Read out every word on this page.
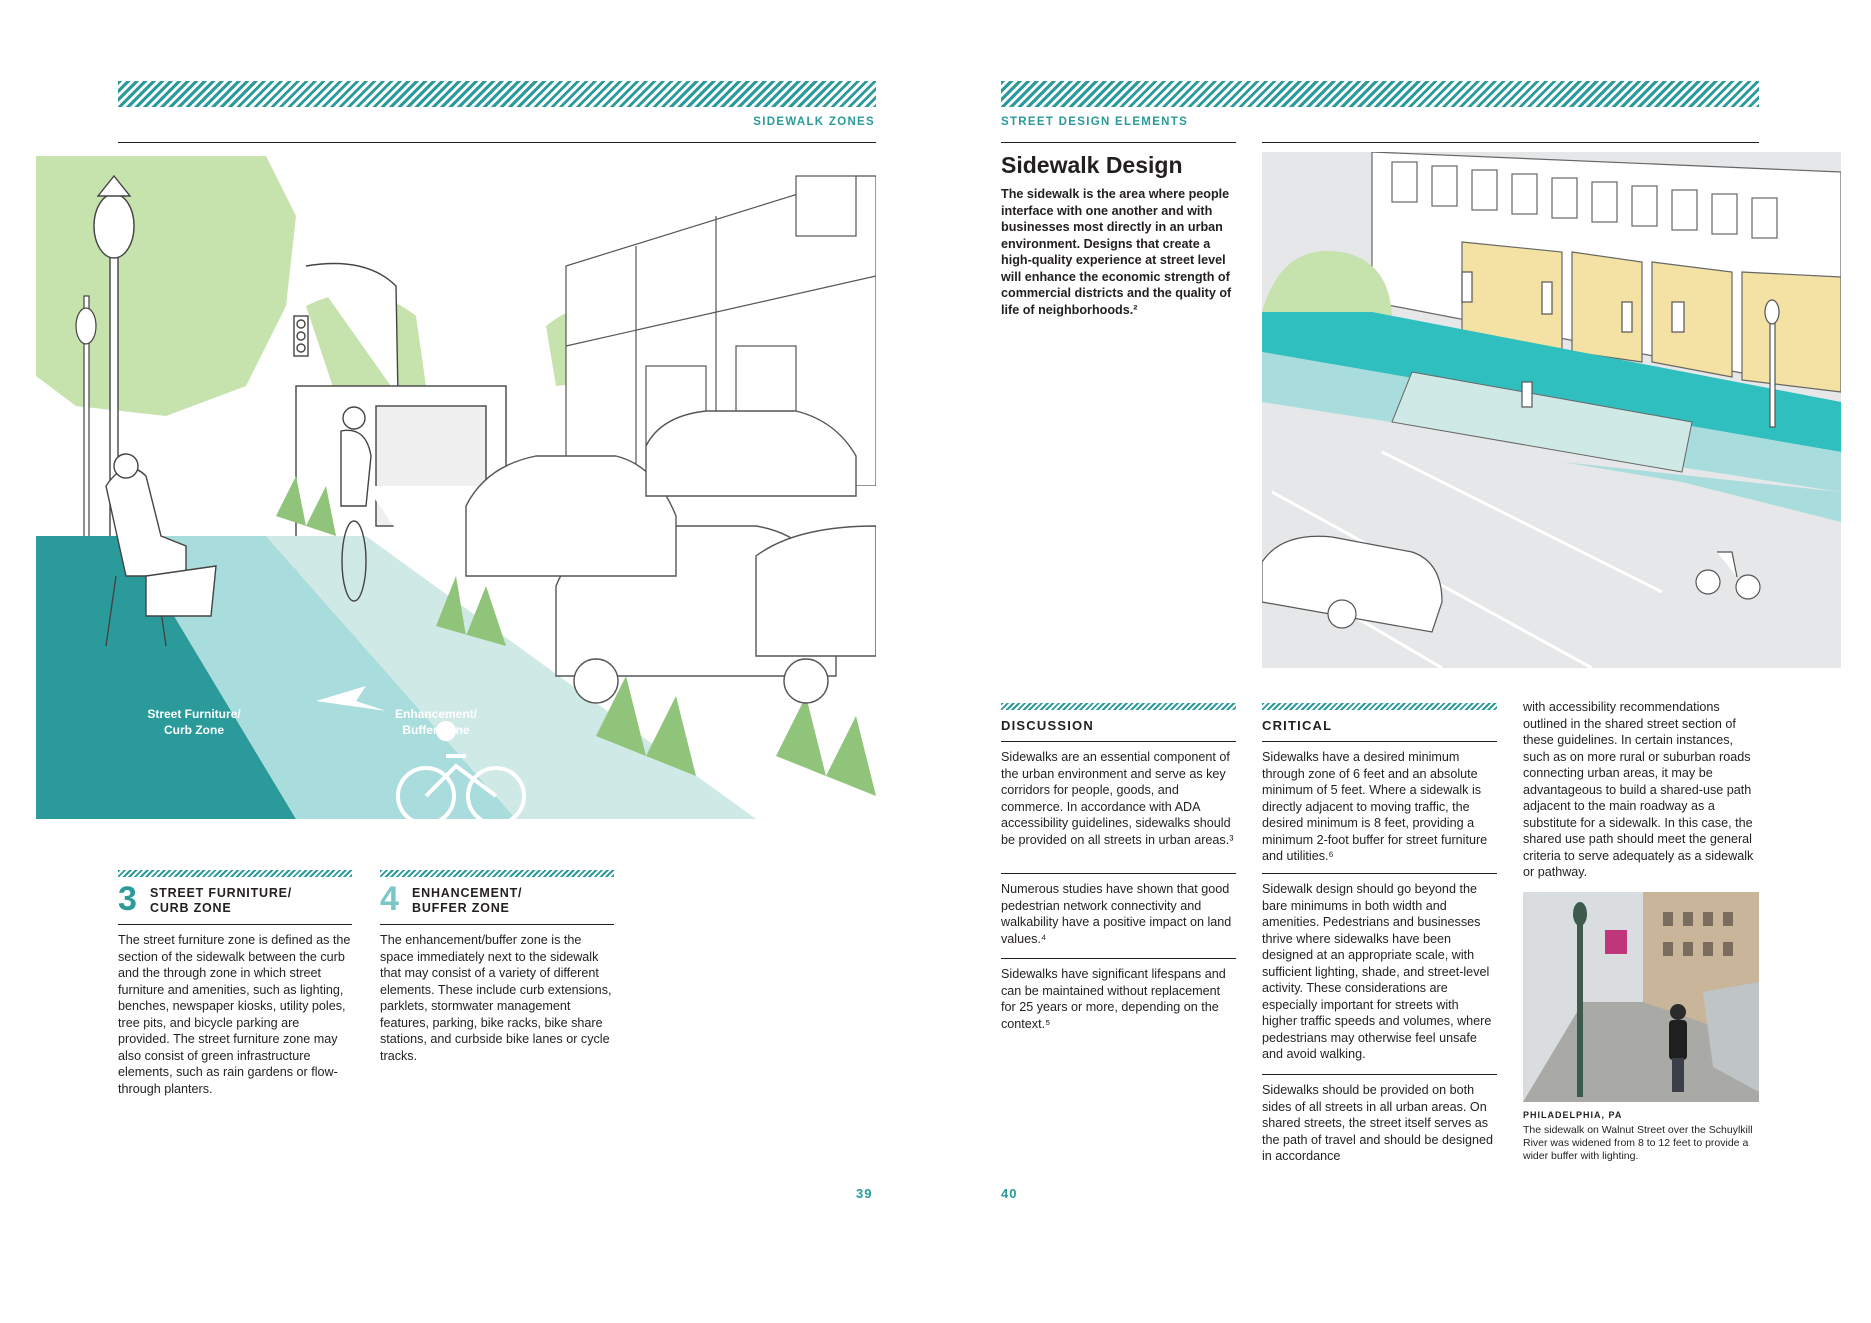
SIDEWALK ZONES
Street Furniture/
Curb Zone
Enhancement/
Buffer Zone
3 STREET FURNITURE/
CURB ZONE
The street furniture zone is defined as the section of the sidewalk between the curb and the through zone in which street furniture and amenities, such as lighting, benches, newspaper kiosks, utility poles, tree pits, and bicycle parking are provided. The street furniture zone may also consist of green infrastructure elements, such as rain gardens or flow-through planters.
4 ENHANCEMENT/
BUFFER ZONE
The enhancement/buffer zone is the space immediately next to the sidewalk that may consist of a variety of different elements. These include curb extensions, parklets, stormwater management features, parking, bike racks, bike share stations, and curbside bike lanes or cycle tracks.
39
STREET DESIGN ELEMENTS
Sidewalk Design
The sidewalk is the area where people interface with one another and with businesses most directly in an urban environment. Designs that create a high-quality experience at street level will enhance the economic strength of commercial districts and the quality of life of neighborhoods.²
DISCUSSION
Sidewalks are an essential component of the urban environment and serve as key corridors for people, goods, and commerce. In accordance with ADA accessibility guidelines, sidewalks should be provided on all streets in urban areas.³
Numerous studies have shown that good pedestrian network connectivity and walkability have a positive impact on land values.⁴
Sidewalks have significant lifespans and can be maintained without replacement for 25 years or more, depending on the context.⁵
CRITICAL
Sidewalks have a desired minimum through zone of 6 feet and an absolute minimum of 5 feet. Where a sidewalk is directly adjacent to moving traffic, the desired minimum is 8 feet, providing a minimum 2-foot buffer for street furniture and utilities.⁶
Sidewalk design should go beyond the bare minimums in both width and amenities. Pedestrians and businesses thrive where sidewalks have been designed at an appropriate scale, with sufficient lighting, shade, and street-level activity. These considerations are especially important for streets with higher traffic speeds and volumes, where pedestrians may otherwise feel unsafe and avoid walking.
Sidewalks should be provided on both sides of all streets in all urban areas. On shared streets, the street itself serves as the path of travel and should be designed in accordance
with accessibility recommendations outlined in the shared street section of these guidelines. In certain instances, such as on more rural or suburban roads connecting urban areas, it may be advantageous to build a shared-use path adjacent to the main roadway as a substitute for a sidewalk. In this case, the shared use path should meet the general criteria to serve adequately as a sidewalk or pathway.
PHILADELPHIA, PA
The sidewalk on Walnut Street over the Schuylkill River was widened from 8 to 12 feet to provide a wider buffer with lighting.
40
